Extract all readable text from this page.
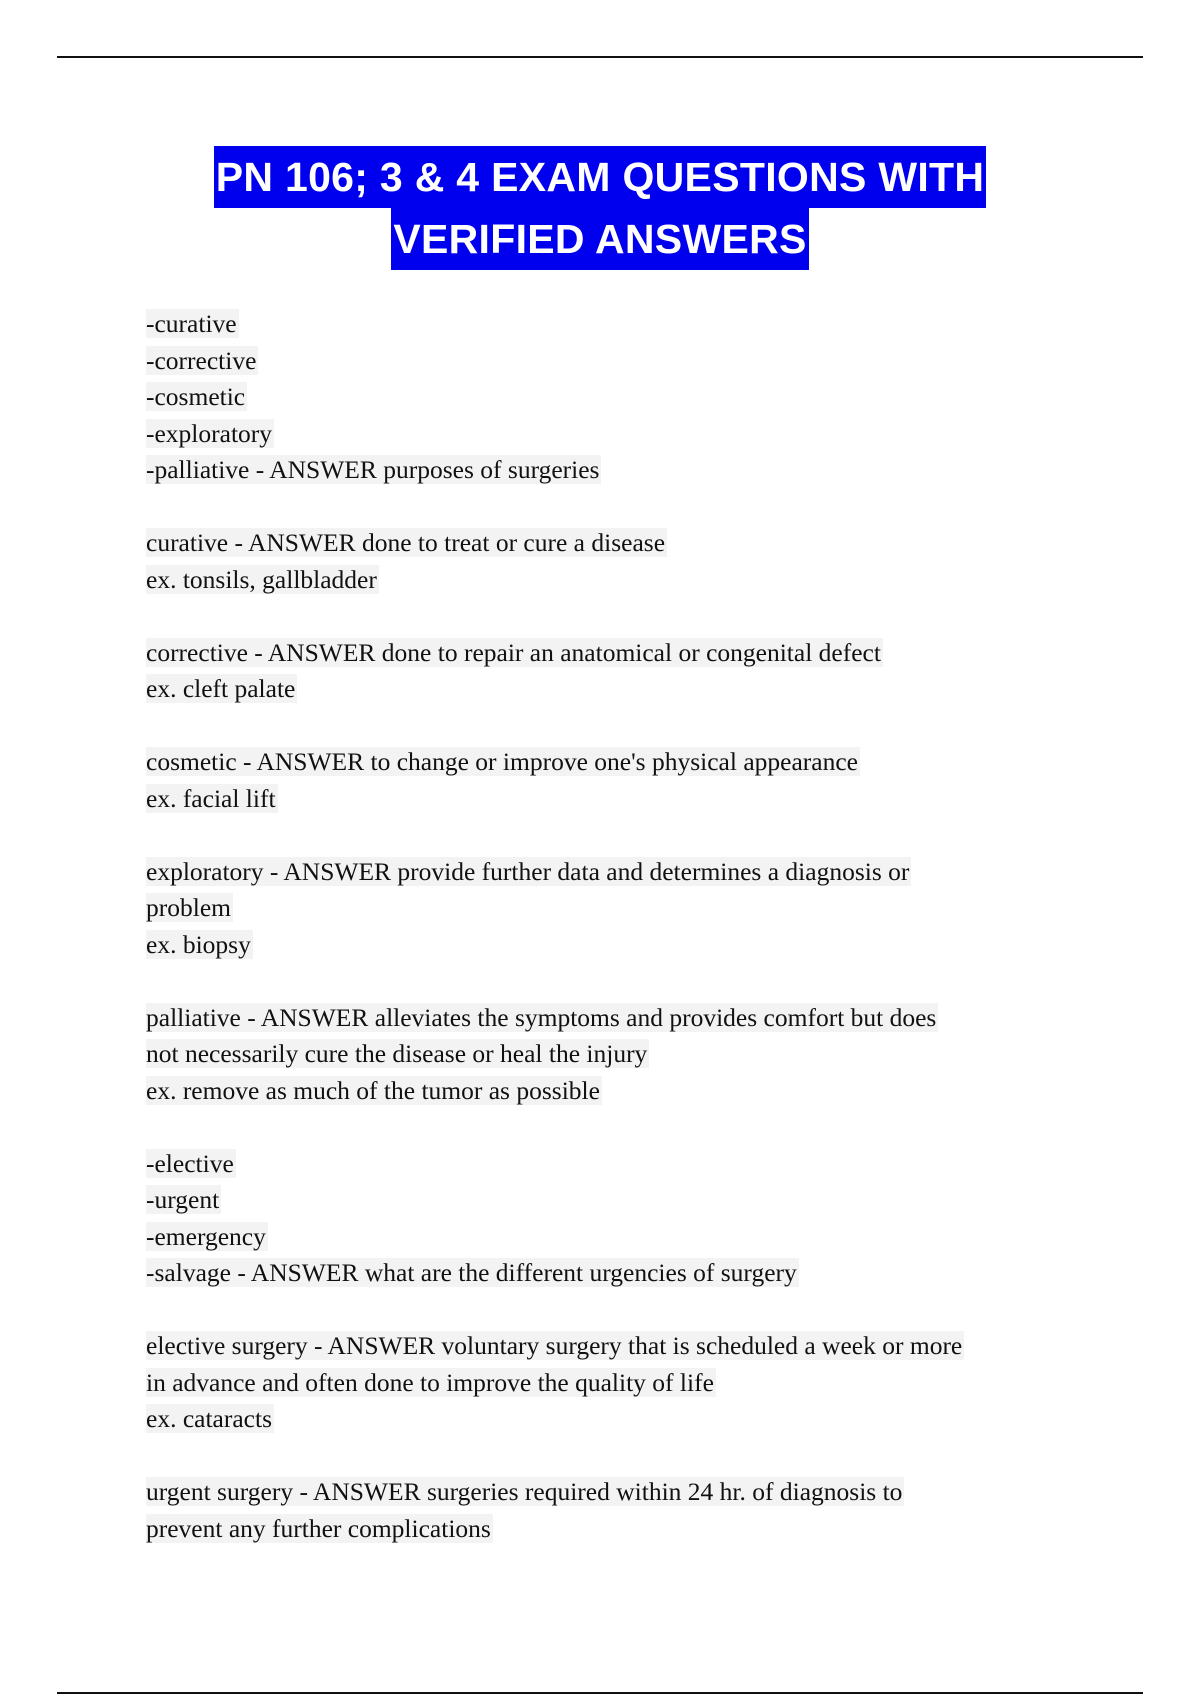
PN 106; 3 & 4 EXAM QUESTIONS WITH
VERIFIED ANSWERS
-curative
-corrective
-cosmetic
-exploratory
-palliative - ANSWER purposes of surgeries
curative - ANSWER done to treat or cure a disease
ex. tonsils, gallbladder
corrective - ANSWER done to repair an anatomical or congenital defect
ex. cleft palate
cosmetic - ANSWER to change or improve one's physical appearance
ex. facial lift
exploratory - ANSWER provide further data and determines a diagnosis or
problem
ex. biopsy
palliative - ANSWER alleviates the symptoms and provides comfort but does
not necessarily cure the disease or heal the injury
ex. remove as much of the tumor as possible
-elective
-urgent
-emergency
-salvage - ANSWER what are the different urgencies of surgery
elective surgery - ANSWER voluntary surgery that is scheduled a week or more
in advance and often done to improve the quality of life
ex. cataracts
urgent surgery - ANSWER surgeries required within 24 hr. of diagnosis to
prevent any further complications
